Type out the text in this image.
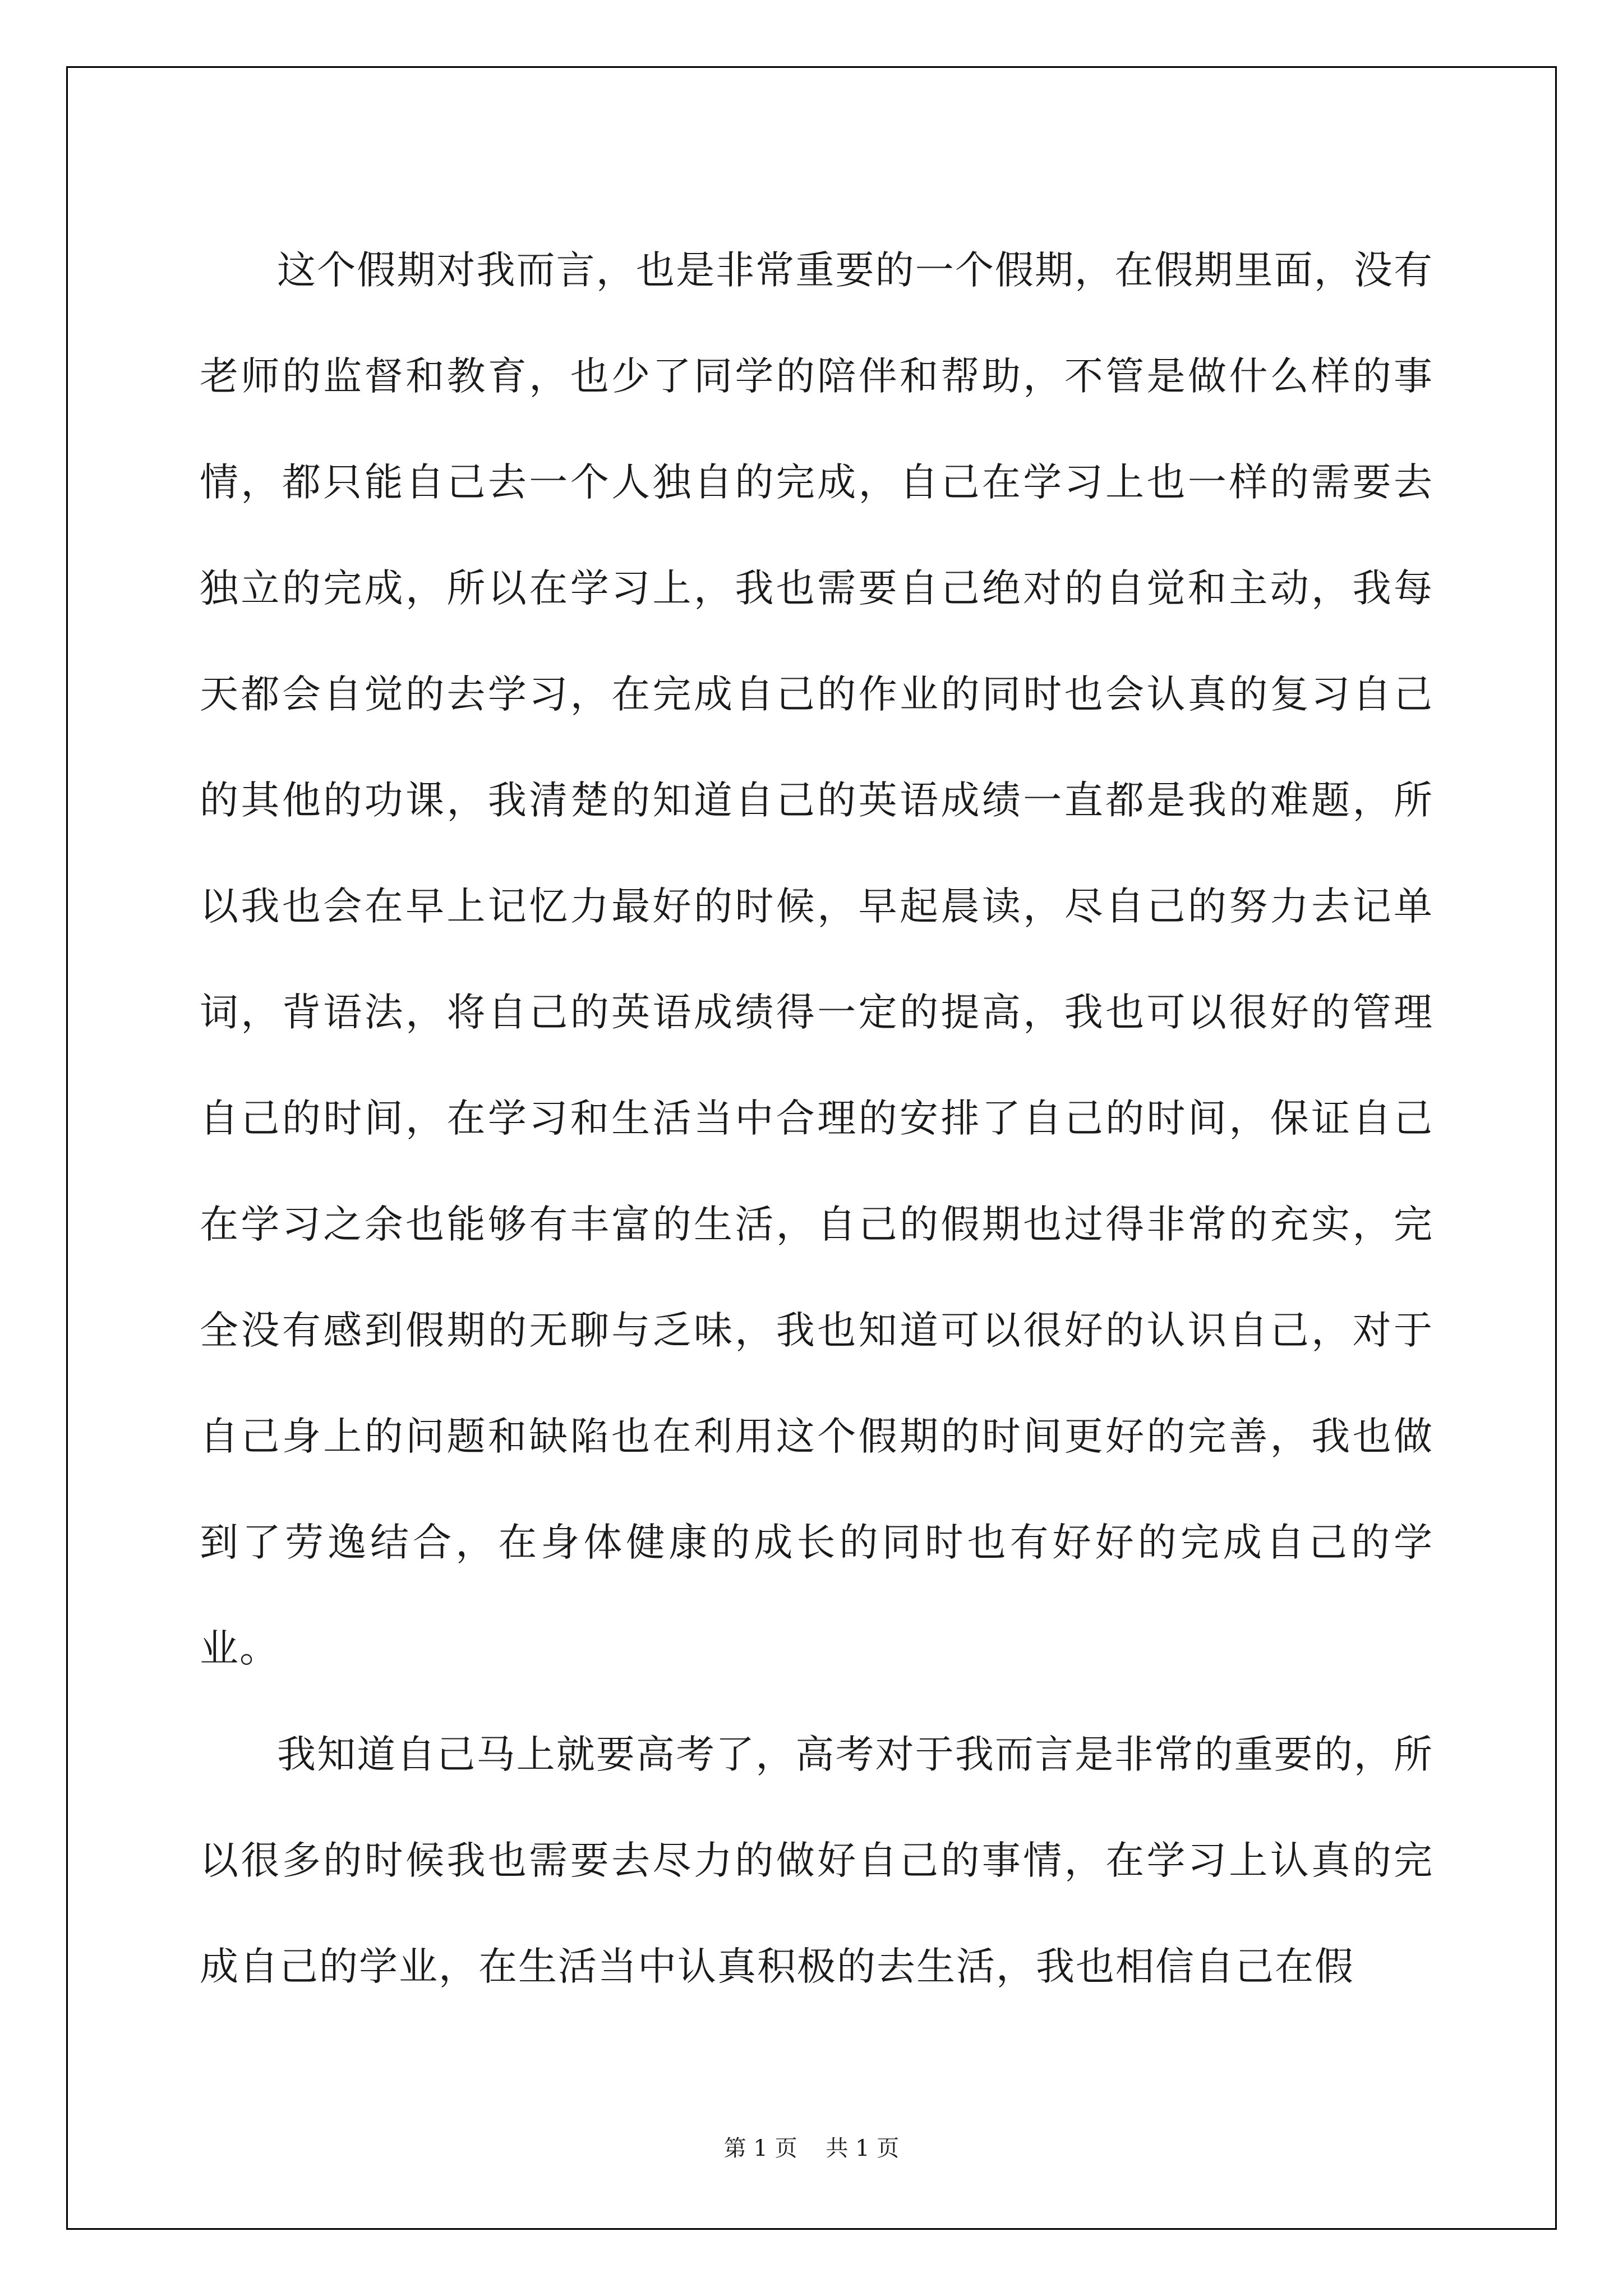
这个假期对我而言，也是非常重要的一个假期，在假期里面，没有老师的监督和教育，也少了同学的陪伴和帮助，不管是做什么样的事情，都只能自己去一个人独自的完成，自己在学习上也一样的需要去独立的完成，所以在学习上，我也需要自己绝对的自觉和主动，我每天都会自觉的去学习，在完成自己的作业的同时也会认真的复习自己的其他的功课，我清楚的知道自己的英语成绩一直都是我的难题，所以我也会在早上记忆力最好的时候，早起晨读，尽自己的努力去记单词，背语法，将自己的英语成绩得一定的提高，我也可以很好的管理自己的时间，在学习和生活当中合理的安排了自己的时间，保证自己在学习之余也能够有丰富的生活，自己的假期也过得非常的充实，完全没有感到假期的无聊与乏味，我也知道可以很好的认识自己，对于自己身上的问题和缺陷也在利用这个假期的时间更好的完善，我也做到了劳逸结合，在身体健康的成长的同时也有好好的完成自己的学业。

我知道自己马上就要高考了，高考对于我而言是非常的重要的，所以很多的时候我也需要去尽力的做好自己的事情，在学习上认真的完成自己的学业，在生活当中认真积极的去生活，我也相信自己在假

第 1 页    共 1 页
